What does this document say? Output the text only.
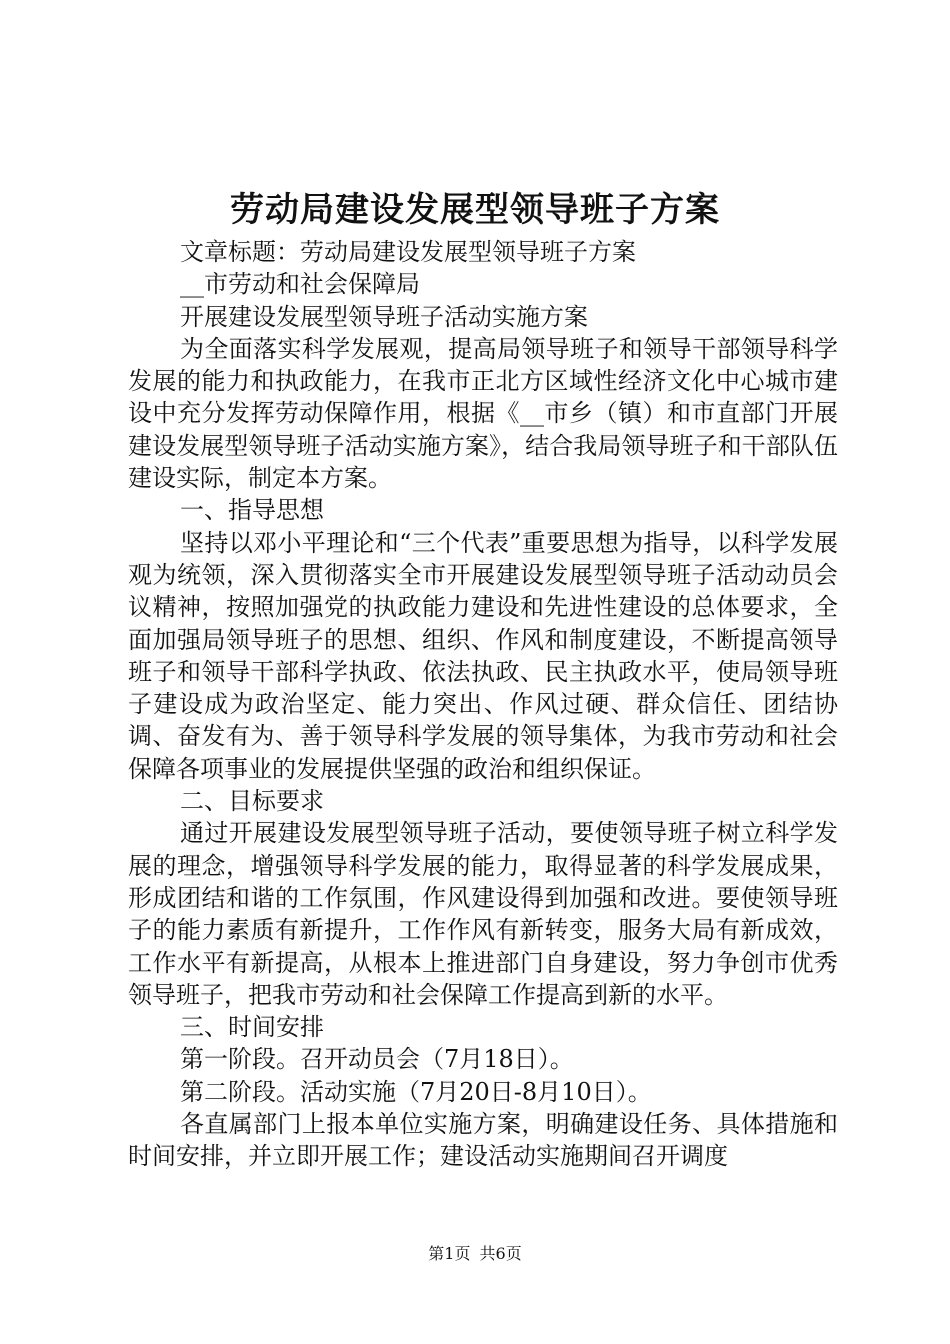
劳动局建设发展型领导班子方案

文章标题：劳动局建设发展型领导班子方案

__市劳动和社会保障局

开展建设发展型领导班子活动实施方案

为全面落实科学发展观，提高局领导班子和领导干部领导科学发展的能力和执政能力，在我市正北方区域性经济文化中心城市建设中充分发挥劳动保障作用，根据《__市乡（镇）和市直部门开展建设发展型领导班子活动实施方案》，结合我局领导班子和干部队伍建设实际，制定本方案。

一、指导思想

坚持以邓小平理论和“三个代表”重要思想为指导，以科学发展观为统领，深入贯彻落实全市开展建设发展型领导班子活动动员会议精神，按照加强党的执政能力建设和先进性建设的总体要求，全面加强局领导班子的思想、组织、作风和制度建设，不断提高领导班子和领导干部科学执政、依法执政、民主执政水平，使局领导班子建设成为政治坚定、能力突出、作风过硬、群众信任、团结协调、奋发有为、善于领导科学发展的领导集体，为我市劳动和社会保障各项事业的发展提供坚强的政治和组织保证。

二、目标要求

通过开展建设发展型领导班子活动，要使领导班子树立科学发展的理念，增强领导科学发展的能力，取得显著的科学发展成果，形成团结和谐的工作氛围，作风建设得到加强和改进。要使领导班子的能力素质有新提升，工作作风有新转变，服务大局有新成效，工作水平有新提高，从根本上推进部门自身建设，努力争创市优秀领导班子，把我市劳动和社会保障工作提高到新的水平。

三、时间安排

第一阶段。召开动员会（7月18日）。

第二阶段。活动实施（7月20日-8月10日）。

各直属部门上报本单位实施方案，明确建设任务、具体措施和时间安排，并立即开展工作；建设活动实施期间召开调度

第1页 共6页
